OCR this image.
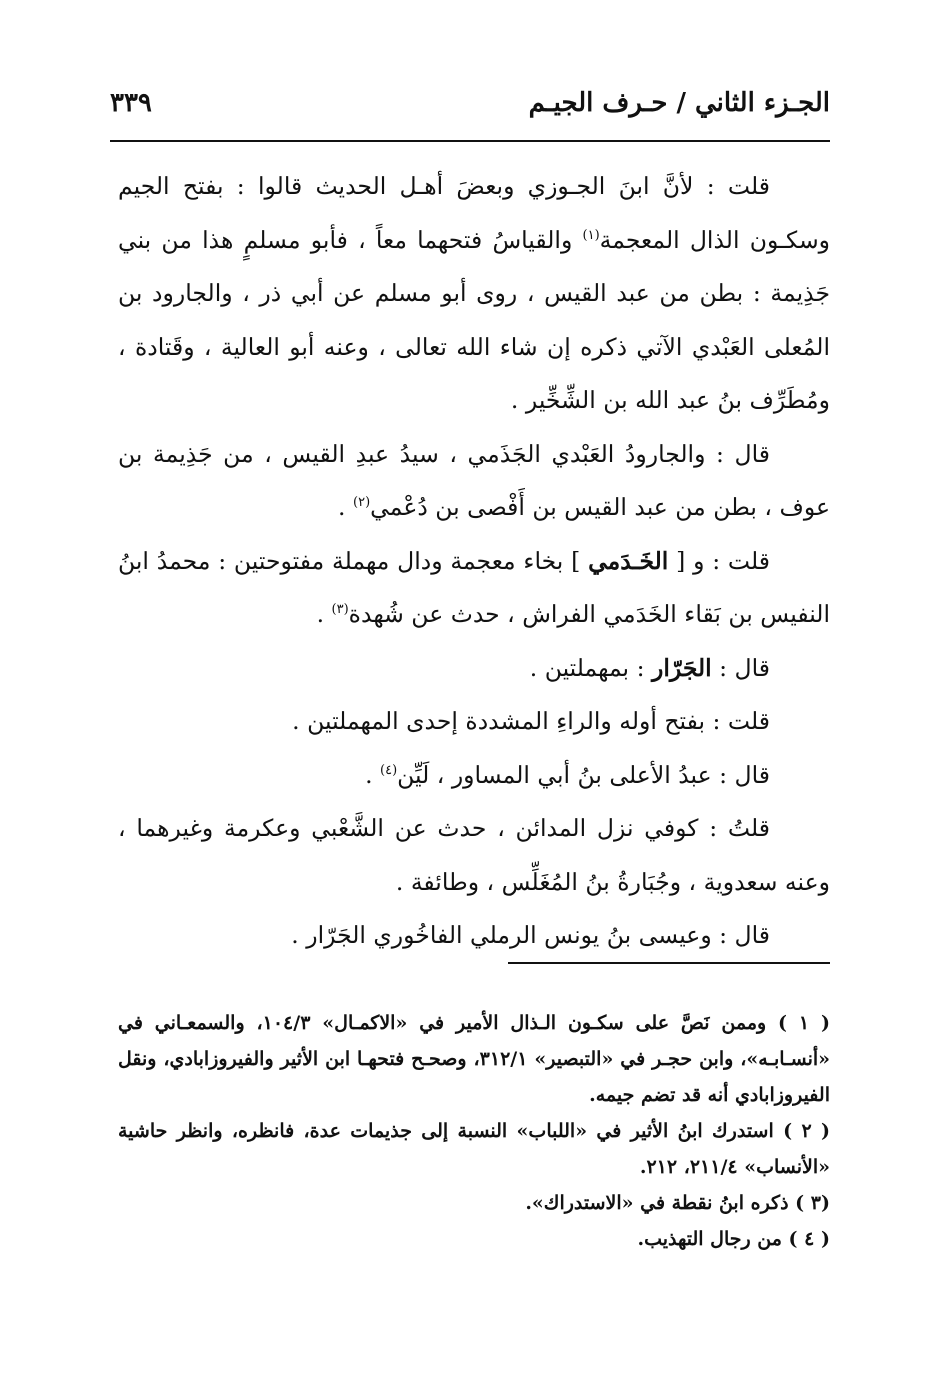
الجـزء الثاني / حـرف الجيـم
٣٣٩

قلت : لأنَّ ابنَ الجـوزي وبعضَ أهـل الحديث قالوا : بفتح الجيم وسكـون الذال المعجمة$^{(١)}$ والقياسُ فتحهما معاً ، فأبو مسلمٍ هذا من بني جَذِيمة : بطن من عبد القيس ، روى أبو مسلم عن أبي ذر ، والجارود بن المُعلى العَبْدي الآتي ذكره إن شاء الله تعالى ، وعنه أبو العالية ، وقَتادة ، ومُطَرِّف بنُ عبد الله بن الشِّخِّير .

قال : والجارودُ العَبْدي الجَذَمي ، سيدُ عبدِ القيس ، من جَذِيمة بن عوف ، بطن من عبد القيس بن أَفْصى بن دُعْمي$^{(٢)}$ .

قلت : و [ الخَـدَمي ] بخاء معجمة ودال مهملة مفتوحتين : محمدُ ابنُ النفيس بن بَقاء الخَدَمي الفراش ، حدث عن شُهدة$^{(٣)}$ .

قال : الجَرّار : بمهملتين .

قلت : بفتح أوله والراءِ المشددة إحدى المهملتين .

قال : عبدُ الأعلى بنُ أبي المساور ، لَيِّن$^{(٤)}$ .

قلتُ : كوفي نزل المدائن ، حدث عن الشَّعْبي وعكرمة وغيرهما ، وعنه سعدوية ، وجُبَارةُ بنُ المُغَلِّس ، وطائفة .

قال : وعيسى بنُ يونس الرملي الفاخُوري الجَرّار .

( ١ ) وممن نَصَّ على سكـون الـذال الأمير في «الاكمـال» ١٠٤/٣، والسمعـاني في «أنسـابـه»، وابن حجـر في «التبصير» ٣١٢/١، وصحـح فتحهـا ابن الأثير والفيروزابادي، ونقل الفيروزابادي أنه قد تضم جيمه.

( ٢ ) استدرك ابنُ الأثير في «اللباب» النسبة إلى جذيمات عدة، فانظره، وانظر حاشية «الأنساب» ٢١١/٤، ٢١٢.

(٣ ) ذكره ابنُ نقطة في «الاستدراك».

( ٤ ) من رجال التهذيب.
